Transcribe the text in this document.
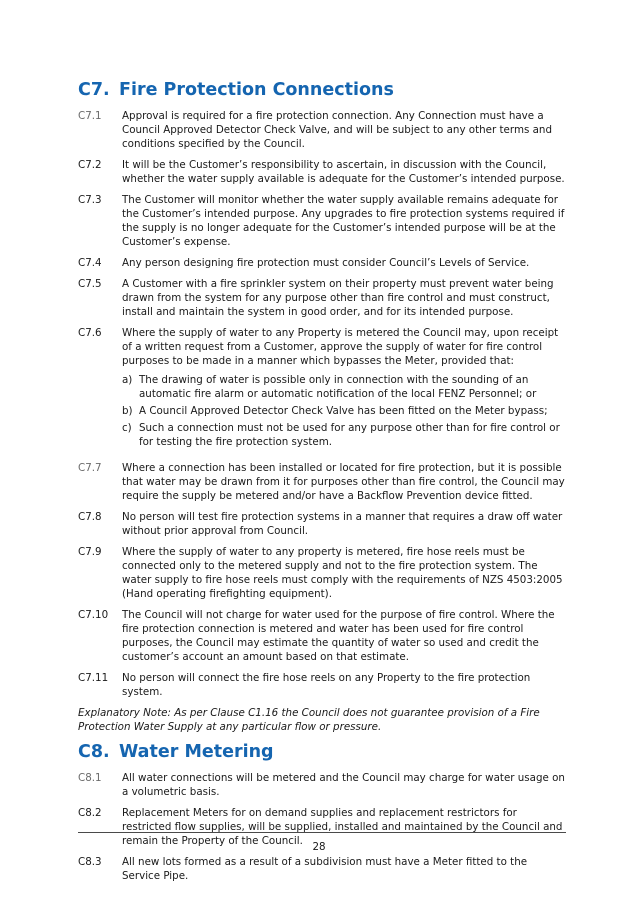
C7. Fire Protection Connections
C7.1	Approval is required for a fire protection connection. Any Connection must have a Council Approved Detector Check Valve, and will be subject to any other terms and conditions specified by the Council.
C7.2	It will be the Customer’s responsibility to ascertain, in discussion with the Council, whether the water supply available is adequate for the Customer’s intended purpose.
C7.3	The Customer will monitor whether the water supply available remains adequate for the Customer’s intended purpose. Any upgrades to fire protection systems required if the supply is no longer adequate for the Customer’s intended purpose will be at the Customer’s expense.
C7.4	Any person designing fire protection must consider Council’s Levels of Service.
C7.5	A Customer with a fire sprinkler system on their property must prevent water being drawn from the system for any purpose other than fire control and must construct, install and maintain the system in good order, and for its intended purpose.
C7.6	Where the supply of water to any Property is metered the Council may, upon receipt of a written request from a Customer, approve the supply of water for fire control purposes to be made in a manner which bypasses the Meter, provided that:
a) The drawing of water is possible only in connection with the sounding of an automatic fire alarm or automatic notification of the local FENZ Personnel; or
b) A Council Approved Detector Check Valve has been fitted on the Meter bypass;
c) Such a connection must not be used for any purpose other than for fire control or for testing the fire protection system.
C7.7	Where a connection has been installed or located for fire protection, but it is possible that water may be drawn from it for purposes other than fire control, the Council may require the supply be metered and/or have a Backflow Prevention device fitted.
C7.8	No person will test fire protection systems in a manner that requires a draw off water without prior approval from Council.
C7.9	Where the supply of water to any property is metered, fire hose reels must be connected only to the metered supply and not to the fire protection system. The water supply to fire hose reels must comply with the requirements of NZS 4503:2005 (Hand operating firefighting equipment).
C7.10	The Council will not charge for water used for the purpose of fire control. Where the fire protection connection is metered and water has been used for fire control purposes, the Council may estimate the quantity of water so used and credit the customer’s account an amount based on that estimate.
C7.11	No person will connect the fire hose reels on any Property to the fire protection system.
Explanatory Note: As per Clause C1.16 the Council does not guarantee provision of a Fire Protection Water Supply at any particular flow or pressure.
C8. Water Metering
C8.1	All water connections will be metered and the Council may charge for water usage on a volumetric basis.
C8.2	Replacement Meters for on demand supplies and replacement restrictors for restricted flow supplies, will be supplied, installed and maintained by the Council and remain the Property of the Council.
C8.3	All new lots formed as a result of a subdivision must have a Meter fitted to the Service Pipe.
28
